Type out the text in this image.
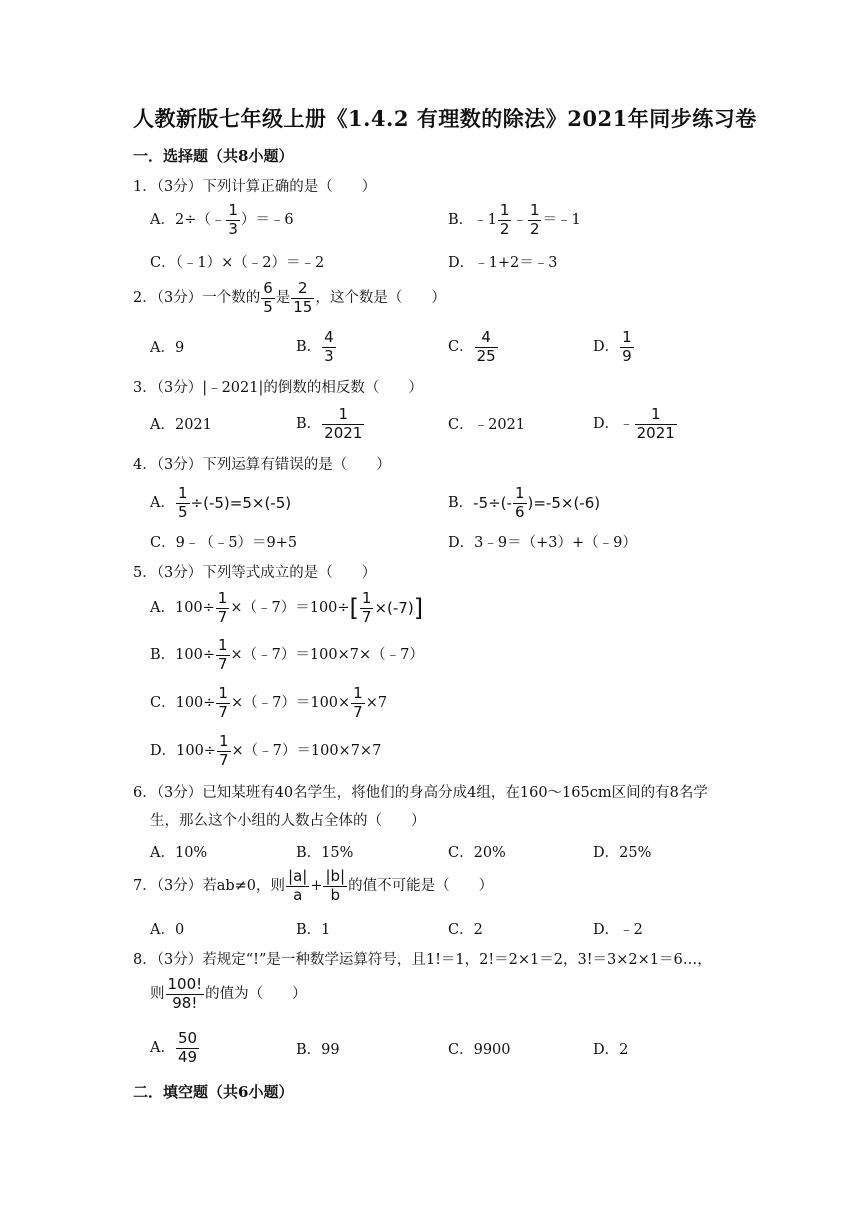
人教新版七年级上册《1.4.2 有理数的除法》2021年同步练习卷
一．选择题（共8小题）
1．（3分）下列计算正确的是（　　）
A．2÷（﹣ $\frac{1}{3}$ ）＝﹣6	B．﹣1 $\frac{1}{2}$ ﹣ $\frac{1}{2}$ ＝﹣1
C．（﹣1）×（﹣2）＝﹣2	D．﹣1+2＝﹣3
2．（3分）一个数的 $\frac{6}{5}$ 是 $\frac{2}{15}$ ，这个数是（　　）
A．9	B． $\frac{4}{3}$	C． $\frac{4}{25}$	D． $\frac{1}{9}$
3．（3分）|﹣2021|的倒数的相反数（　　）
A．2021	B． $\frac{1}{2021}$	C．﹣2021	D．﹣ $\frac{1}{2021}$
4．（3分）下列运算有错误的是（　　）
A． $\frac{1}{5} \div(-5)=5\times(-5)$	B． $-5\div(- \frac{1}{6} )=-5\times(-6)$
C．9﹣（﹣5）＝9+5	D．3﹣9＝（+3）+（﹣9）
5．（3分）下列等式成立的是（　　）
A．$100\div \frac{1}{7}$ ×（﹣7）＝100÷ [ $\frac{1}{7} \times(-7)$ ]
B．$100\div \frac{1}{7}$ ×（﹣7）＝100×7×（﹣7）
C．$100\div \frac{1}{7}$ ×（﹣7）＝100× $\frac{1}{7} \times 7$
D．$100\div \frac{1}{7}$ ×（﹣7）＝100×7×7
6．（3分）已知某班有40名学生，将他们的身高分成4组，在160～165cm区间的有8名学
生，那么这个小组的人数占全体的（　　）
A．10%	B．15%	C．20%	D．25%
7．（3分）若ab≠0，则 $\frac{|a|}{a} + \frac{|b|}{b}$ 的值不可能是（　　）
A．0	B．1	C．2	D．﹣2
8．（3分）若规定“!”是一种数学运算符号，且1!＝1，2!＝2×1＝2，3!＝3×2×1＝6…，
则 $\frac{100!}{98!}$ 的值为（　　）
A． $\frac{50}{49}$	B．99	C．9900	D．2
二．填空题（共6小题）
